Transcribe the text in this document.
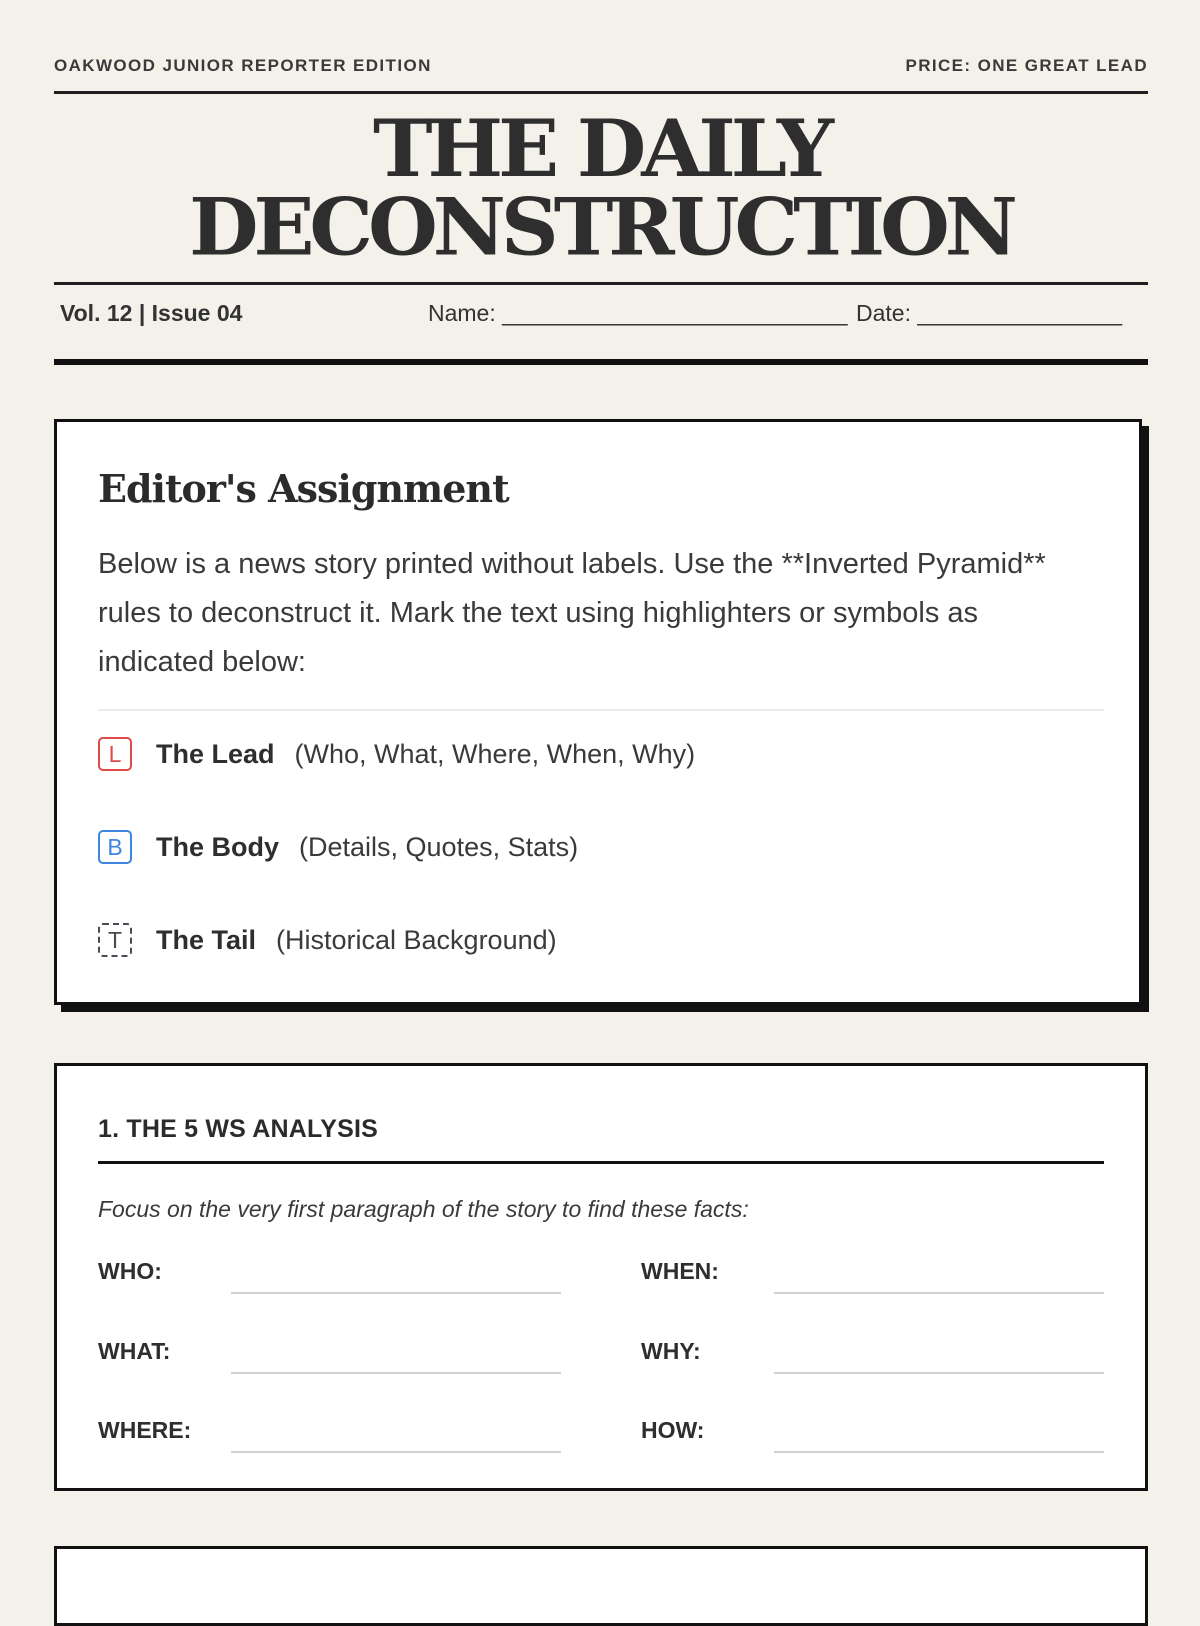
OAKWOOD JUNIOR REPORTER EDITION	PRICE: ONE GREAT LEAD
THE DAILY
DECONSTRUCTION
Vol. 12 | Issue 04	Name: ___________________________ Date: ________________
Editor's Assignment
Below is a news story printed without labels. Use the **Inverted Pyramid** rules to deconstruct it. Mark the text using highlighters or symbols as indicated below:
L	The Lead (Who, What, Where, When, Why)
B	The Body (Details, Quotes, Stats)
T	The Tail (Historical Background)
1. THE 5 WS ANALYSIS
Focus on the very first paragraph of the story to find these facts:
WHO:	WHEN:
WHAT:	WHY:
WHERE:	HOW:
